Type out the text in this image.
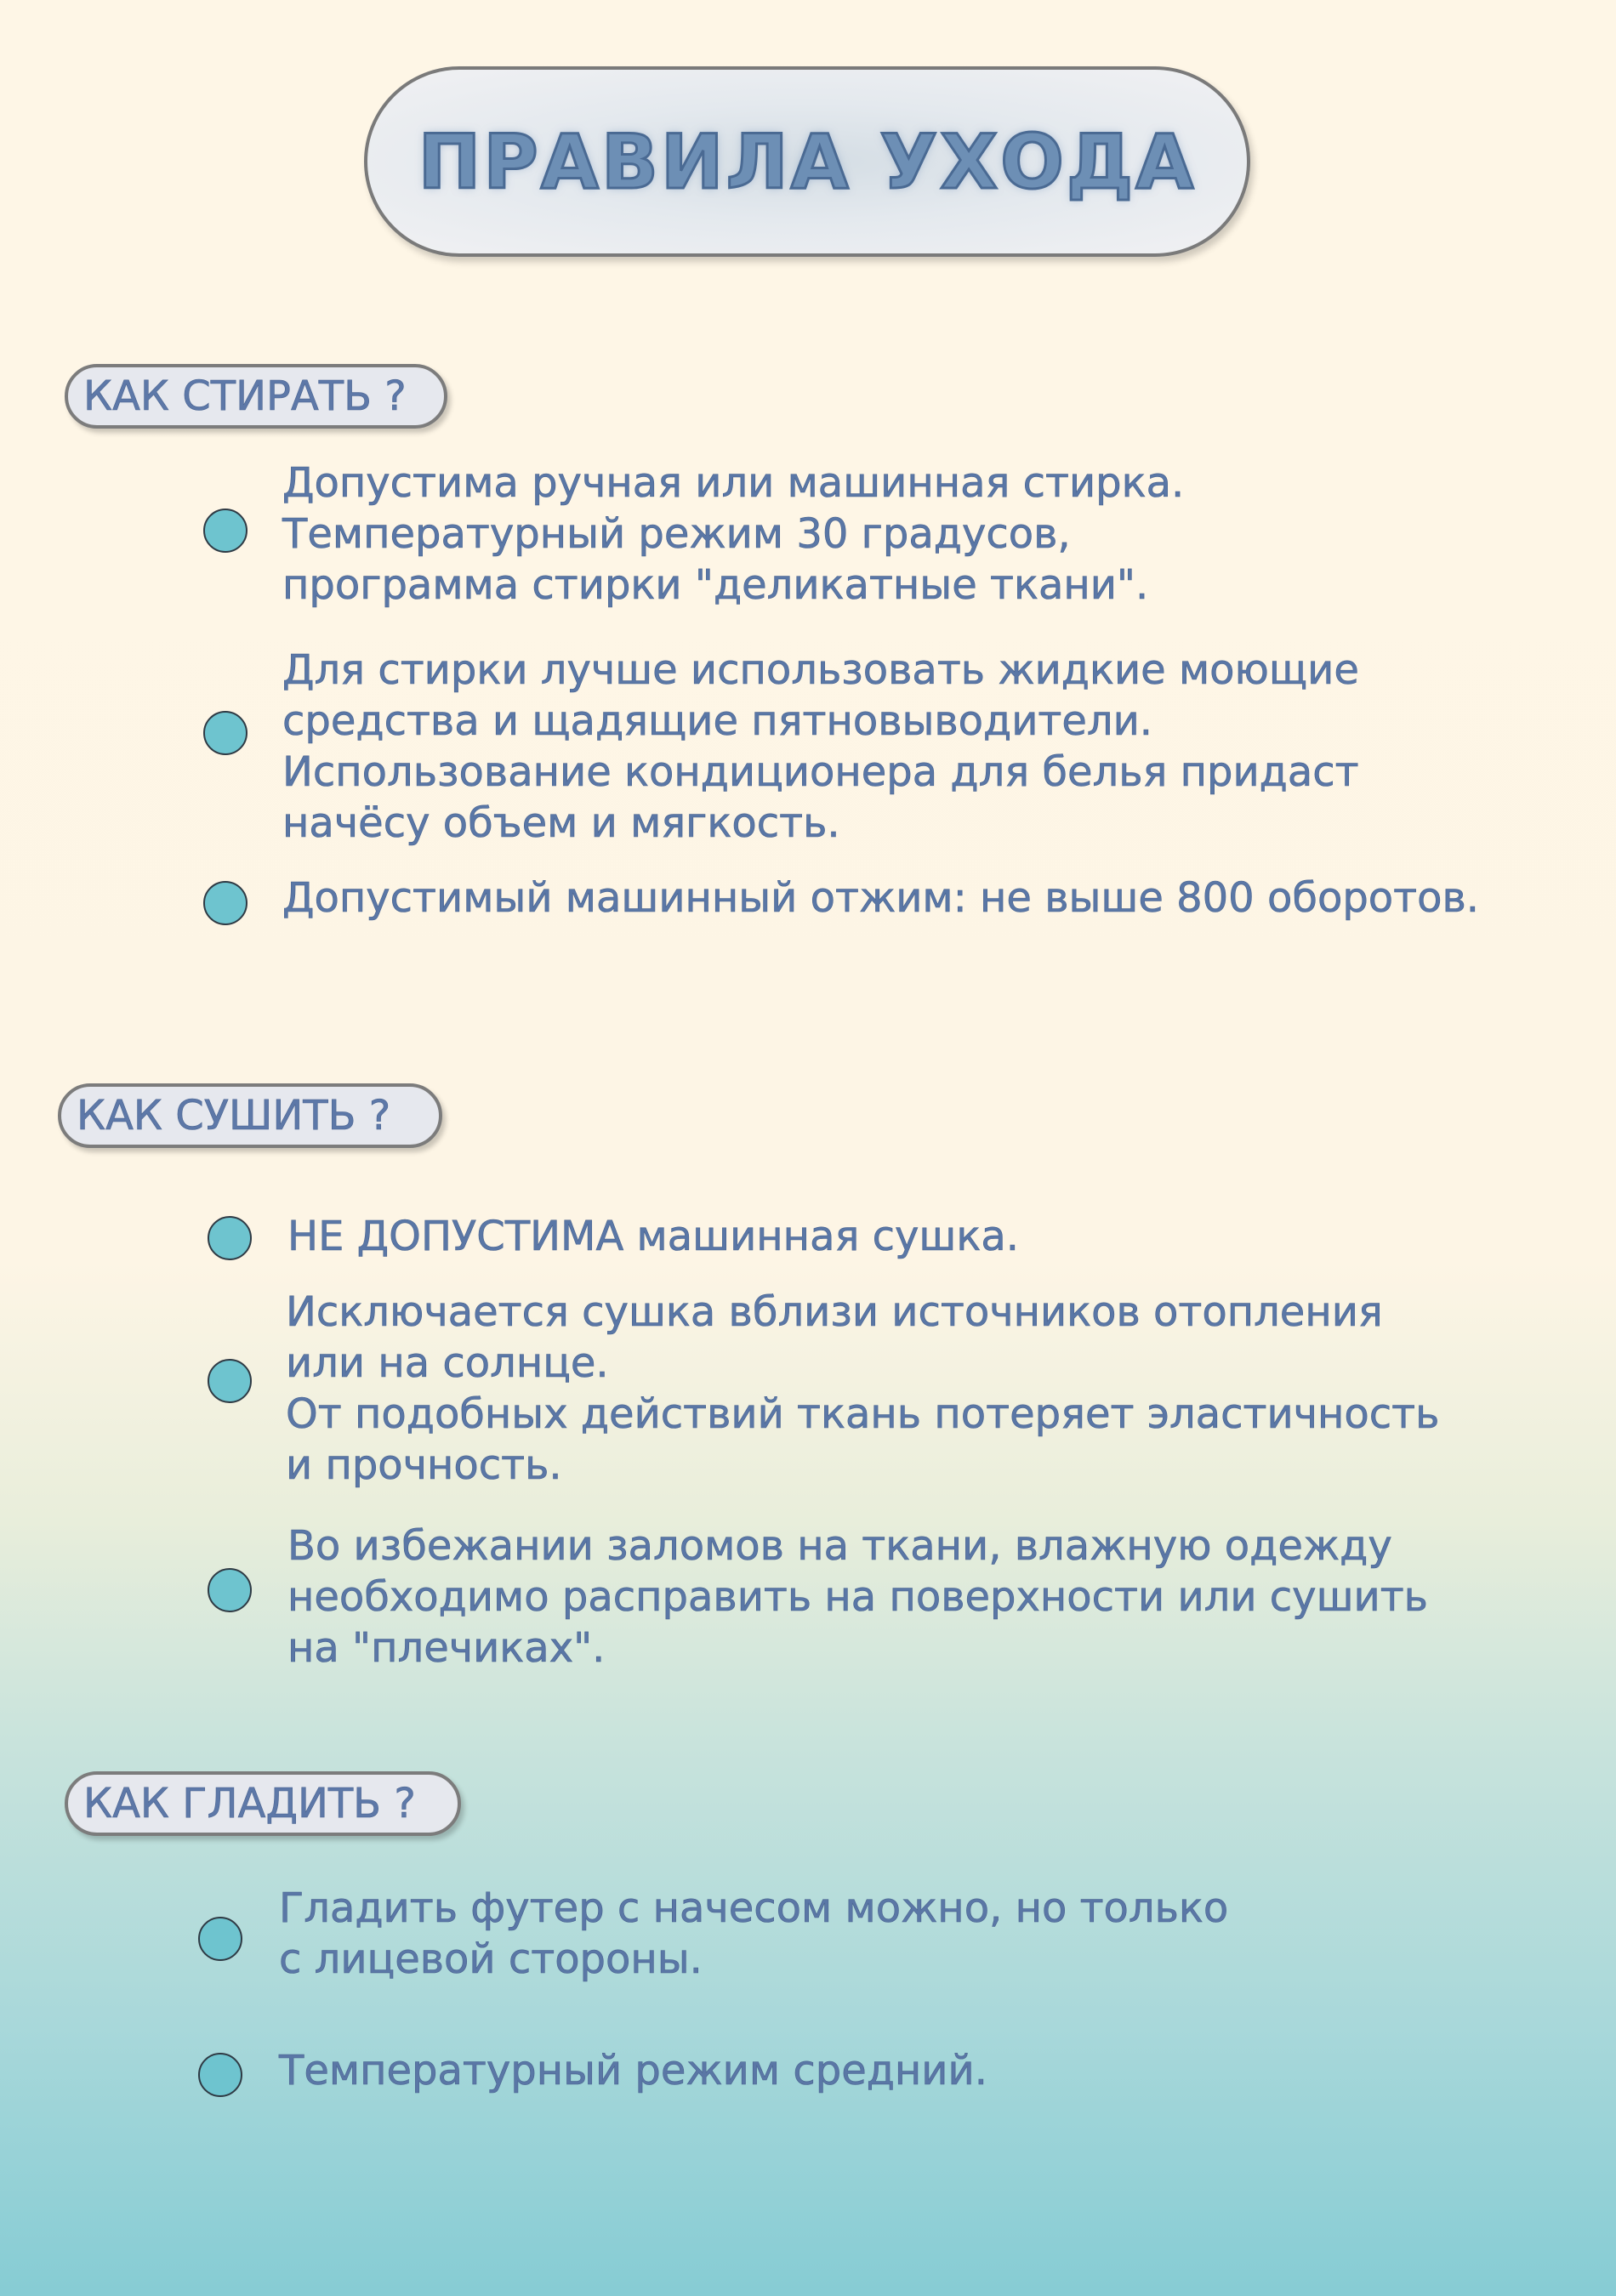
ПРАВИЛА УХОДА
КАК СТИРАТЬ ?
Допустима ручная или машинная стирка.
Температурный режим 30 градусов,
программа стирки "деликатные ткани".
Для стирки лучше использовать жидкие моющие
средства и щадящие пятновыводители.
Использование кондиционера для белья придаст
начёсу объем и мягкость.
Допустимый машинный отжим: не выше 800 оборотов.
КАК СУШИТЬ ?
НЕ ДОПУСТИМА машинная сушка.
Исключается сушка вблизи источников отопления
или на солнце.
От подобных действий ткань потеряет эластичность
и прочность.
Во избежании заломов на ткани, влажную одежду
необходимо расправить на поверхности или сушить
на "плечиках".
КАК ГЛАДИТЬ ?
Гладить футер с начесом можно, но только
с лицевой стороны.
Температурный режим средний.
